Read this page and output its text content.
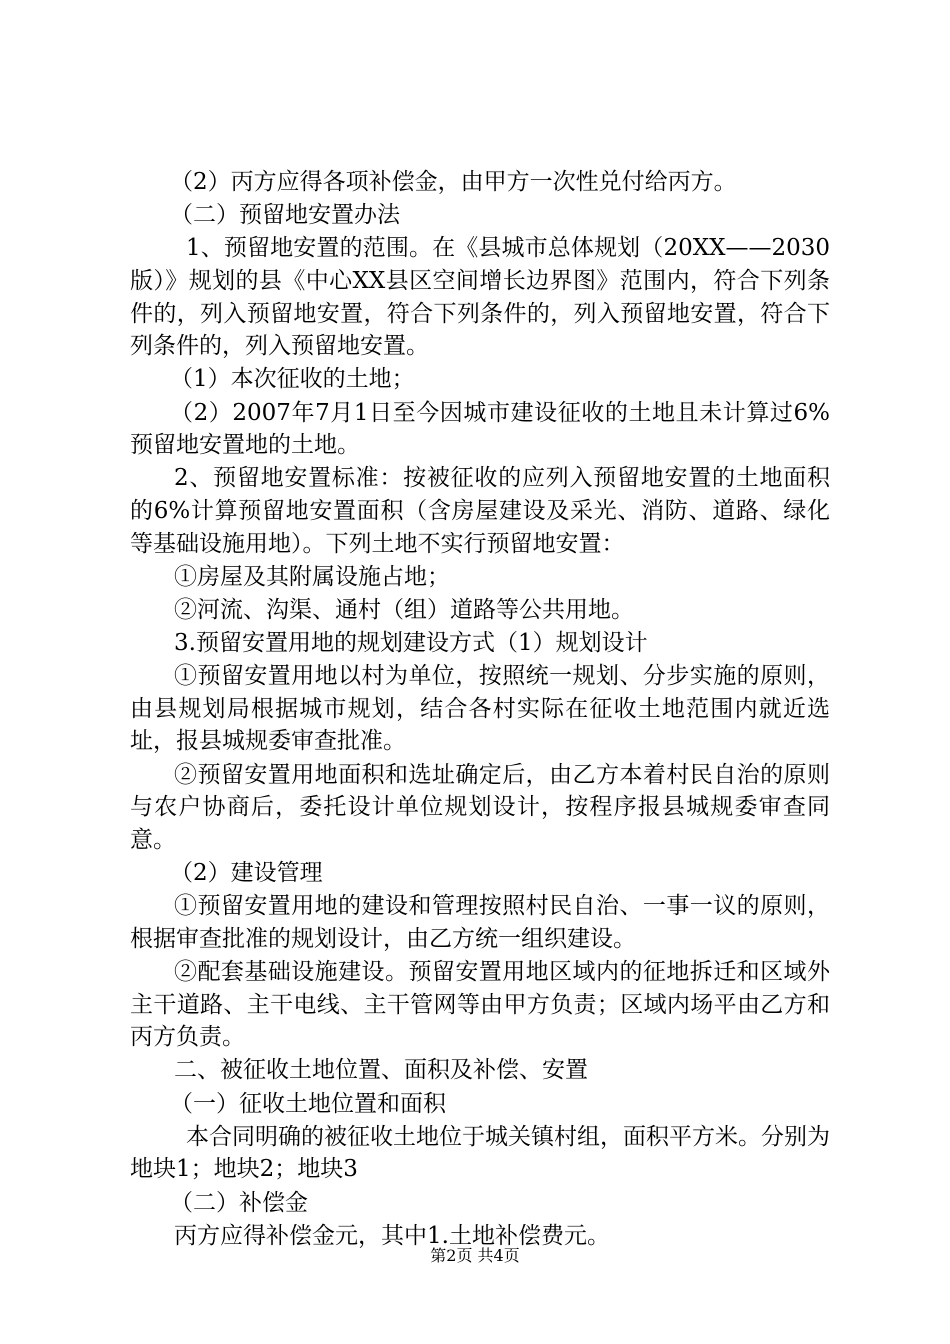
（2）丙方应得各项补偿金，由甲方一次性兑付给丙方。

（二）预留地安置办法

1、预留地安置的范围。在《县城市总体规划（20XX——2030版）》规划的县《中心XX县区空间增长边界图》范围内，符合下列条件的，列入预留地安置，符合下列条件的，列入预留地安置，符合下列条件的，列入预留地安置。

（1）本次征收的土地；

（2）2007年7月1日至今因城市建设征收的土地且未计算过6%预留地安置地的土地。

2、预留地安置标准：按被征收的应列入预留地安置的土地面积的6%计算预留地安置面积（含房屋建设及采光、消防、道路、绿化等基础设施用地）。下列土地不实行预留地安置：

①房屋及其附属设施占地；

②河流、沟渠、通村（组）道路等公共用地。

3.预留安置用地的规划建设方式（1）规划设计

①预留安置用地以村为单位，按照统一规划、分步实施的原则，由县规划局根据城市规划，结合各村实际在征收土地范围内就近选址，报县城规委审查批准。

②预留安置用地面积和选址确定后，由乙方本着村民自治的原则与农户协商后，委托设计单位规划设计，按程序报县城规委审查同意。

（2）建设管理

①预留安置用地的建设和管理按照村民自治、一事一议的原则，根据审查批准的规划设计，由乙方统一组织建设。

②配套基础设施建设。预留安置用地区域内的征地拆迁和区域外主干道路、主干电线、主干管网等由甲方负责；区域内场平由乙方和丙方负责。

二、被征收土地位置、面积及补偿、安置

（一）征收土地位置和面积

本合同明确的被征收土地位于城关镇村组，面积平方米。分别为地块1；地块2；地块3

（二）补偿金

丙方应得补偿金元，其中1.土地补偿费元。

第2页 共4页
